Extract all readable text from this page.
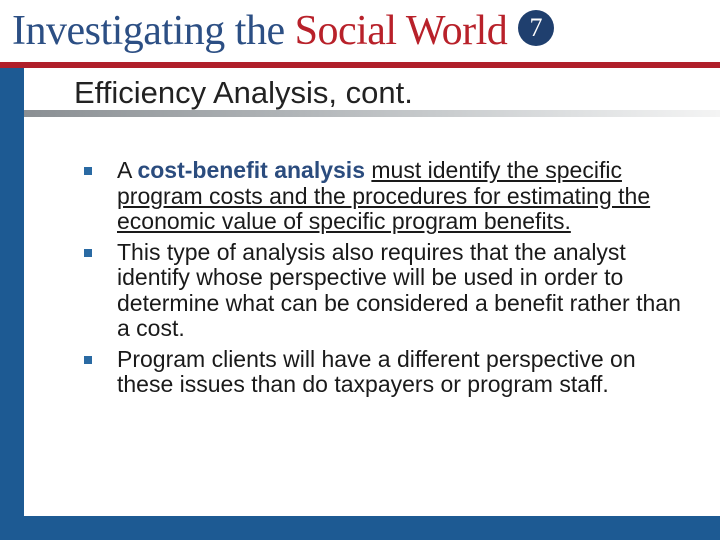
Investigating the Social World 7
Efficiency Analysis, cont.
A cost-benefit analysis must identify the specific program costs and the procedures for estimating the economic value of specific program benefits.
This type of analysis also requires that the analyst identify whose perspective will be used in order to determine what can be considered a benefit rather than a cost.
Program clients will have a different perspective on these issues than do taxpayers or program staff.
